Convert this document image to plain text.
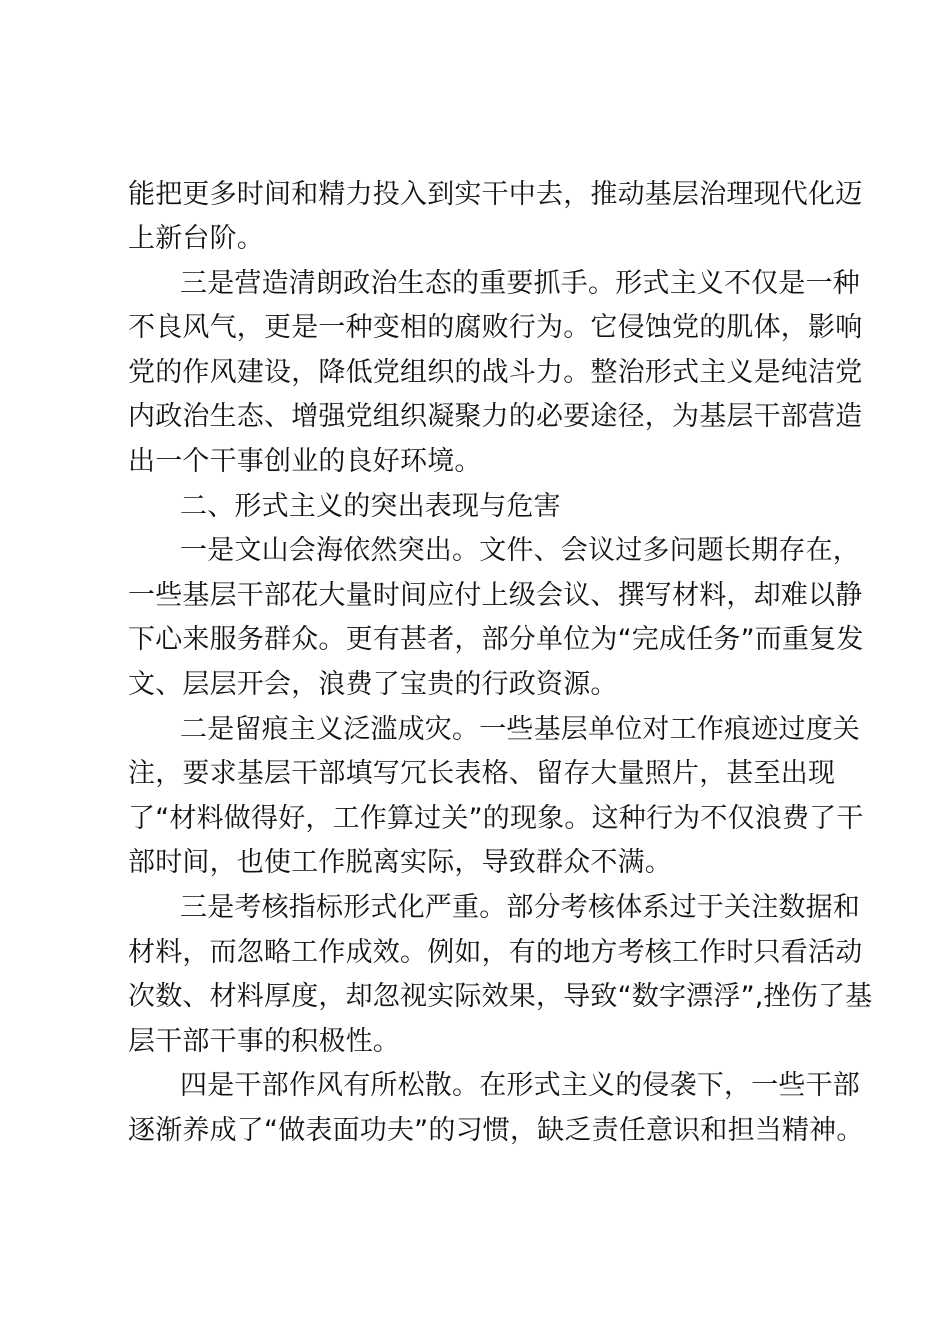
能把更多时间和精力投入到实干中去，推动基层治理现代化迈
上新台阶。
三是营造清朗政治生态的重要抓手。形式主义不仅是一种
不良风气，更是一种变相的腐败行为。它侵蚀党的肌体，影响
党的作风建设，降低党组织的战斗力。整治形式主义是纯洁党
内政治生态、增强党组织凝聚力的必要途径，为基层干部营造
出一个干事创业的良好环境。
二、形式主义的突出表现与危害
一是文山会海依然突出。文件、会议过多问题长期存在，
一些基层干部花大量时间应付上级会议、撰写材料，却难以静
下心来服务群众。更有甚者，部分单位为“完成任务”而重复发
文、层层开会，浪费了宝贵的行政资源。
二是留痕主义泛滥成灾。一些基层单位对工作痕迹过度关
注，要求基层干部填写冗长表格、留存大量照片，甚至出现
了“材料做得好，工作算过关”的现象。这种行为不仅浪费了干
部时间，也使工作脱离实际，导致群众不满。
三是考核指标形式化严重。部分考核体系过于关注数据和
材料，而忽略工作成效。例如，有的地方考核工作时只看活动
次数、材料厚度，却忽视实际效果，导致“数字漂浮”,挫伤了基
层干部干事的积极性。
四是干部作风有所松散。在形式主义的侵袭下，一些干部
逐渐养成了“做表面功夫”的习惯，缺乏责任意识和担当精神。
